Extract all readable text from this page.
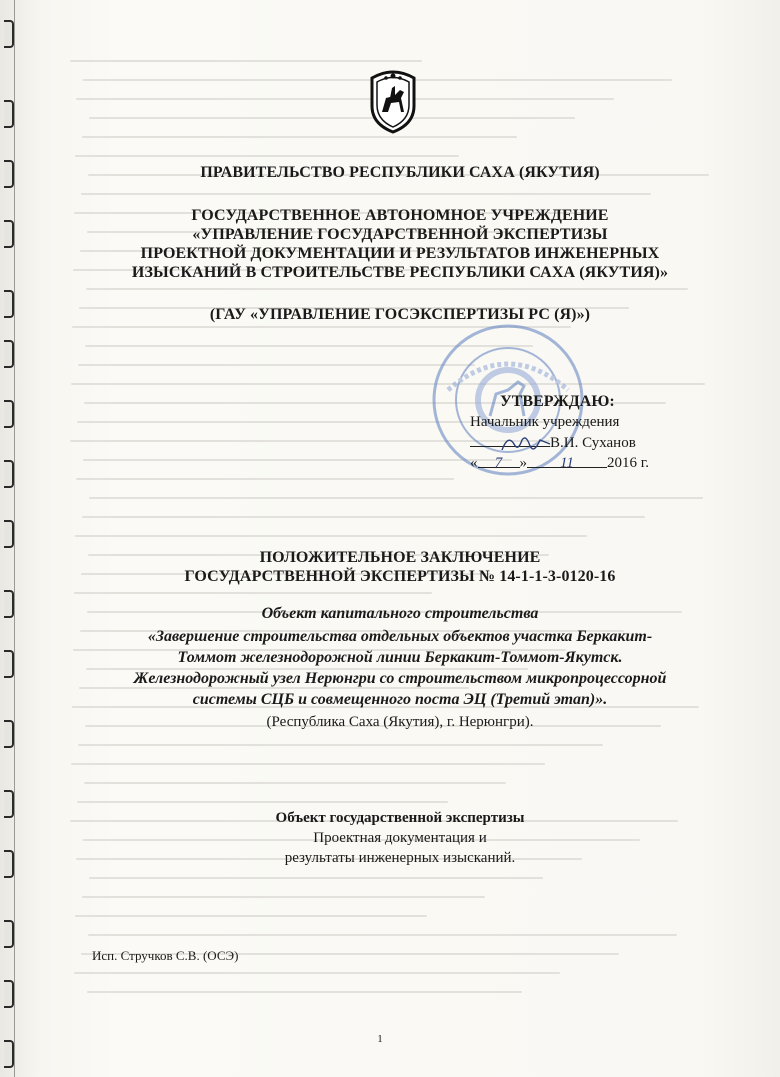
ПРАВИТЕЛЬСТВО РЕСПУБЛИКИ САХА (ЯКУТИЯ)
ГОСУДАРСТВЕННОЕ АВТОНОМНОЕ УЧРЕЖДЕНИЕ
«УПРАВЛЕНИЕ ГОСУДАРСТВЕННОЙ ЭКСПЕРТИЗЫ
ПРОЕКТНОЙ ДОКУМЕНТАЦИИ И РЕЗУЛЬТАТОВ ИНЖЕНЕРНЫХ
ИЗЫСКАНИЙ В СТРОИТЕЛЬСТВЕ РЕСПУБЛИКИ САХА (ЯКУТИЯ)»
(ГАУ «УПРАВЛЕНИЕ ГОСЭКСПЕРТИЗЫ РС (Я)»)
УТВЕРЖДАЮ:
Начальник учреждения
В.И. Суханов
« 7 » 11 2016 г.
ПОЛОЖИТЕЛЬНОЕ ЗАКЛЮЧЕНИЕ
ГОСУДАРСТВЕННОЙ ЭКСПЕРТИЗЫ № 14-1-1-3-0120-16
Объект капитального строительства
«Завершение строительства отдельных объектов участка Беркакит-
Томмот железнодорожной линии Беркакит-Томмот-Якутск.
Железнодорожный узел Нерюнгри со строительством микропроцессорной
системы СЦБ и совмещенного поста ЭЦ (Третий этап)».
(Республика Саха (Якутия), г. Нерюнгри).
Объект государственной экспертизы
Проектная документация и
результаты инженерных изысканий.
Исп. Стручков С.В. (ОСЭ)
1
